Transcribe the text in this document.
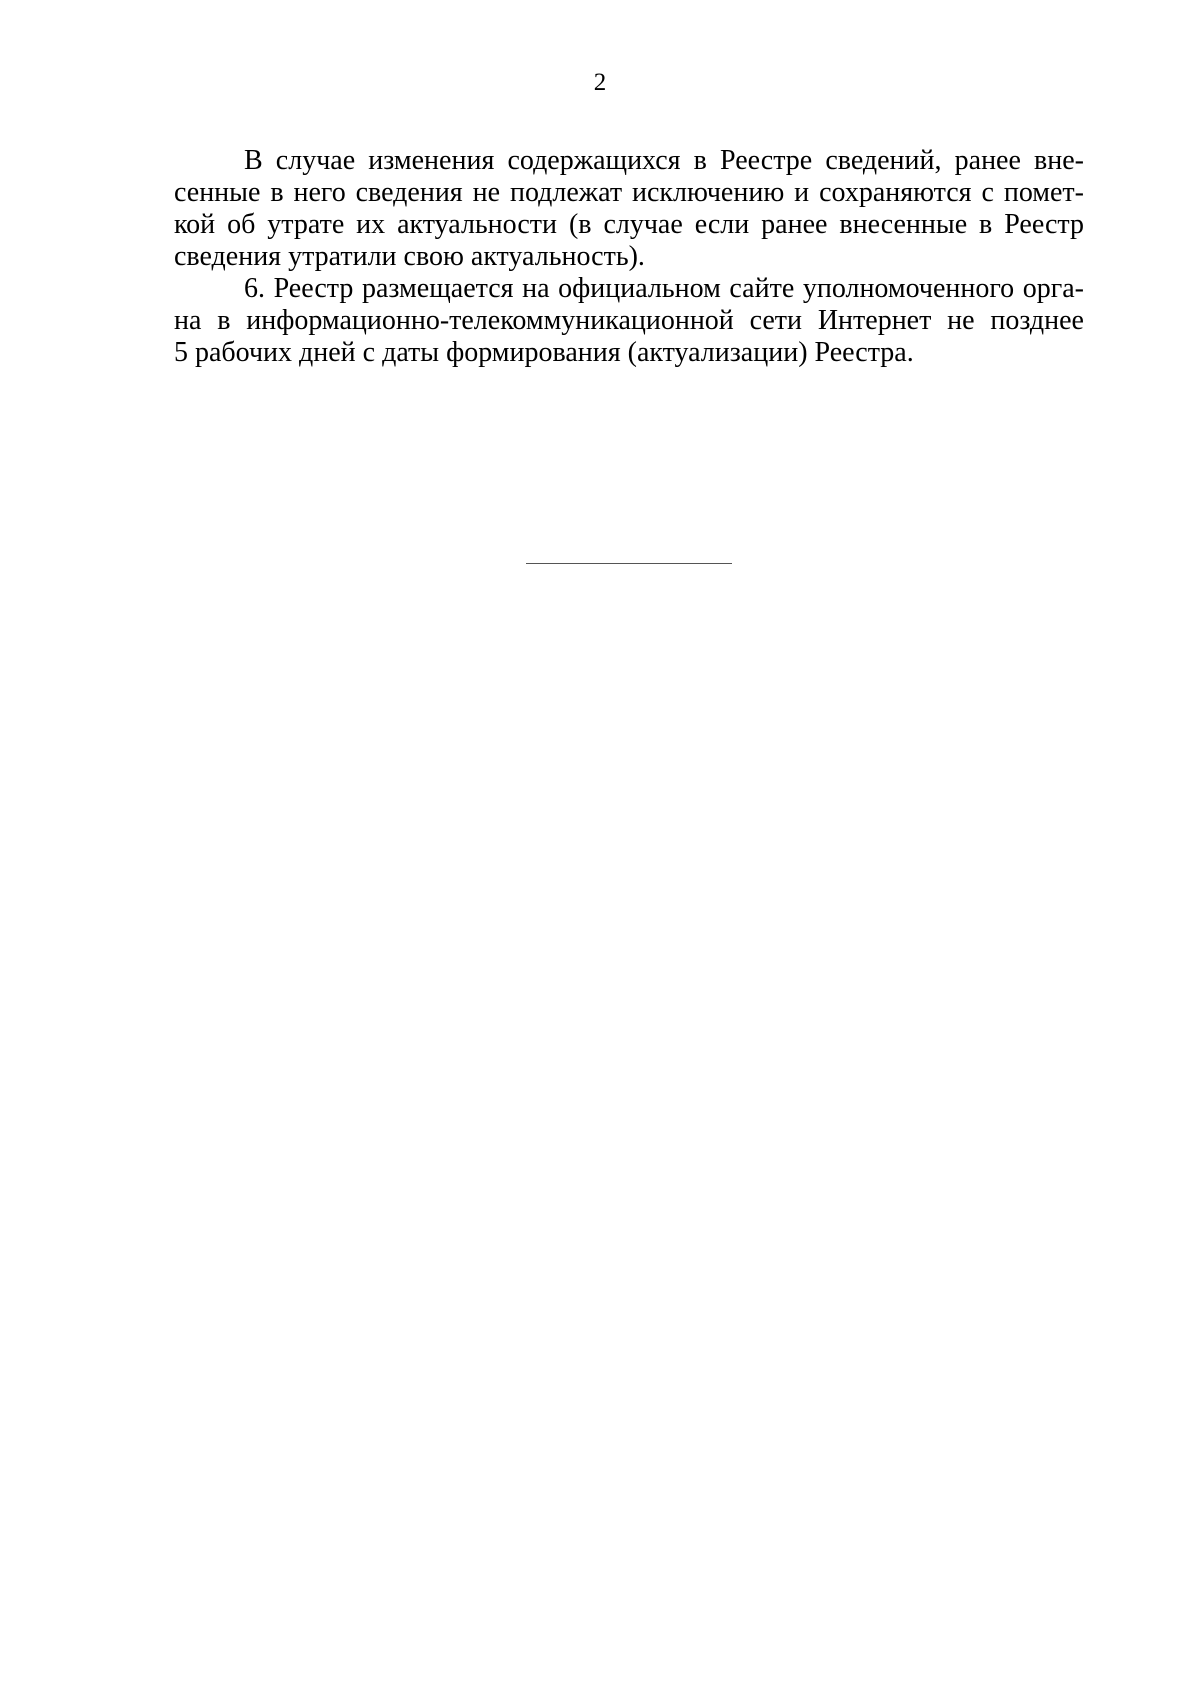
2
В случае изменения содержащихся в Реестре сведений, ранее вне-
сенные в него сведения не подлежат исключению и сохраняются с помет-
кой об утрате их актуальности (в случае если ранее внесенные в Реестр
сведения утратили свою актуальность).
6. Реестр размещается на официальном сайте уполномоченного орга-
на в информационно-телекоммуникационной сети Интернет не позднее
5 рабочих дней с даты формирования (актуализации) Реестра.
